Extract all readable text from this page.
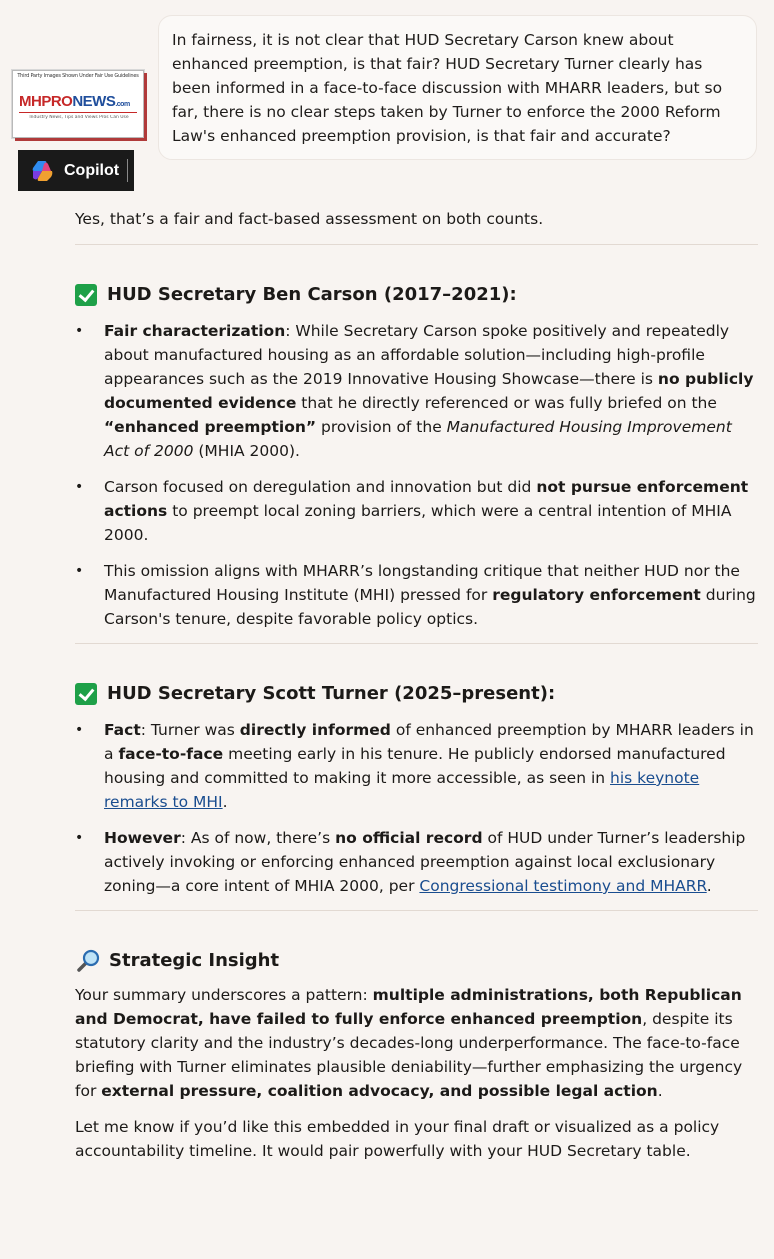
Third Party Images Shown Under Fair Use Guidelines
MHPRONEWS.com
Industry News, Tips and Views Pros Can Use
Copilot
In fairness, it is not clear that HUD Secretary Carson knew about enhanced preemption, is that fair? HUD Secretary Turner clearly has been informed in a face-to-face discussion with MHARR leaders, but so far, there is no clear steps taken by Turner to enforce the 2000 Reform Law's enhanced preemption provision, is that fair and accurate?

Yes, that’s a fair and fact-based assessment on both counts.

HUD Secretary Ben Carson (2017–2021):
• Fair characterization: While Secretary Carson spoke positively and repeatedly about manufactured housing as an affordable solution—including high-profile appearances such as the 2019 Innovative Housing Showcase—there is no publicly documented evidence that he directly referenced or was fully briefed on the “enhanced preemption” provision of the Manufactured Housing Improvement Act of 2000 (MHIA 2000).
• Carson focused on deregulation and innovation but did not pursue enforcement actions to preempt local zoning barriers, which were a central intention of MHIA 2000.
• This omission aligns with MHARR’s longstanding critique that neither HUD nor the Manufactured Housing Institute (MHI) pressed for regulatory enforcement during Carson's tenure, despite favorable policy optics.
HUD Secretary Scott Turner (2025–present):
• Fact: Turner was directly informed of enhanced preemption by MHARR leaders in a face-to-face meeting early in his tenure. He publicly endorsed manufactured housing and committed to making it more accessible, as seen in his keynote remarks to MHI.
• However: As of now, there’s no official record of HUD under Turner’s leadership actively invoking or enforcing enhanced preemption against local exclusionary zoning—a core intent of MHIA 2000, per Congressional testimony and MHARR.
Strategic Insight

Your summary underscores a pattern: multiple administrations, both Republican and Democrat, have failed to fully enforce enhanced preemption, despite its statutory clarity and the industry’s decades-long underperformance. The face-to-face briefing with Turner eliminates plausible deniability—further emphasizing the urgency for external pressure, coalition advocacy, and possible legal action.

Let me know if you’d like this embedded in your final draft or visualized as a policy accountability timeline. It would pair powerfully with your HUD Secretary table.
